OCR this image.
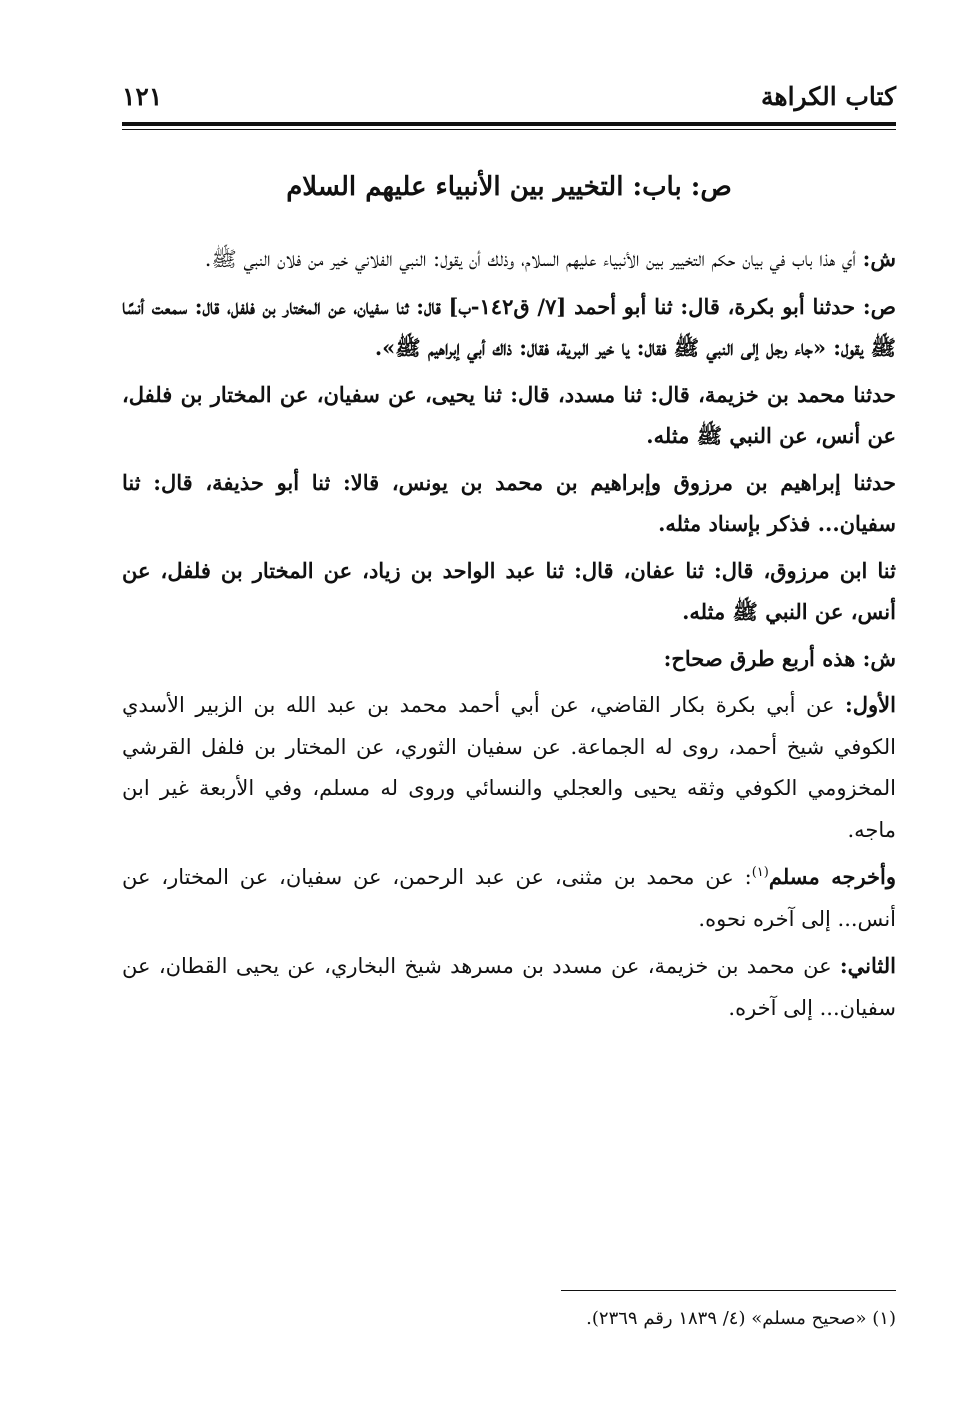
كتاب الكراهة
١٢١
ص: باب: التخيير بين الأنبياء عليهم السلام

ش: أي هذا باب في بيان حكم التخيير بين الأنبياء عليهم السلام، وذلك أن يقول: النبي الفلاني خير من فلان النبي ﷺ.

ص: حدثنا أبو بكرة، قال: ثنا أبو أحمد [٧/ ق١٤٢-ب] قال: ثنا سفيان، عن المختار بن فلفل، قال: سمعت أنسًا ﷺ يقول: «جاء رجل إلى النبي ﷺ فقال: يا خير البرية، فقال: ذاك أبي إبراهيم ﷺ».

حدثنا محمد بن خزيمة، قال: ثنا مسدد، قال: ثنا يحيى، عن سفيان، عن المختار بن فلفل، عن أنس، عن النبي ﷺ مثله.

حدثنا إبراهيم بن مرزوق وإبراهيم بن محمد بن يونس، قالا: ثنا أبو حذيفة، قال: ثنا سفيان... فذكر بإسناد مثله.

ثنا ابن مرزوق، قال: ثنا عفان، قال: ثنا عبد الواحد بن زياد، عن المختار بن فلفل، عن أنس، عن النبي ﷺ مثله.

ش: هذه أربع طرق صحاح:

الأول: عن أبي بكرة بكار القاضي، عن أبي أحمد محمد بن عبد الله بن الزبير الأسدي الكوفي شيخ أحمد، روى له الجماعة. عن سفيان الثوري، عن المختار بن فلفل القرشي المخزومي الكوفي وثقه يحيى والعجلي والنسائي وروى له مسلم، وفي الأربعة غير ابن ماجه.

وأخرجه مسلم$^{(١)}$: عن محمد بن مثنى، عن عبد الرحمن، عن سفيان، عن المختار، عن أنس... إلى آخره نحوه.

الثاني: عن محمد بن خزيمة، عن مسدد بن مسرهد شيخ البخاري، عن يحيى القطان، عن سفيان... إلى آخره.

(١) «صحيح مسلم» (٤/ ١٨٣٩ رقم ٢٣٦٩).
